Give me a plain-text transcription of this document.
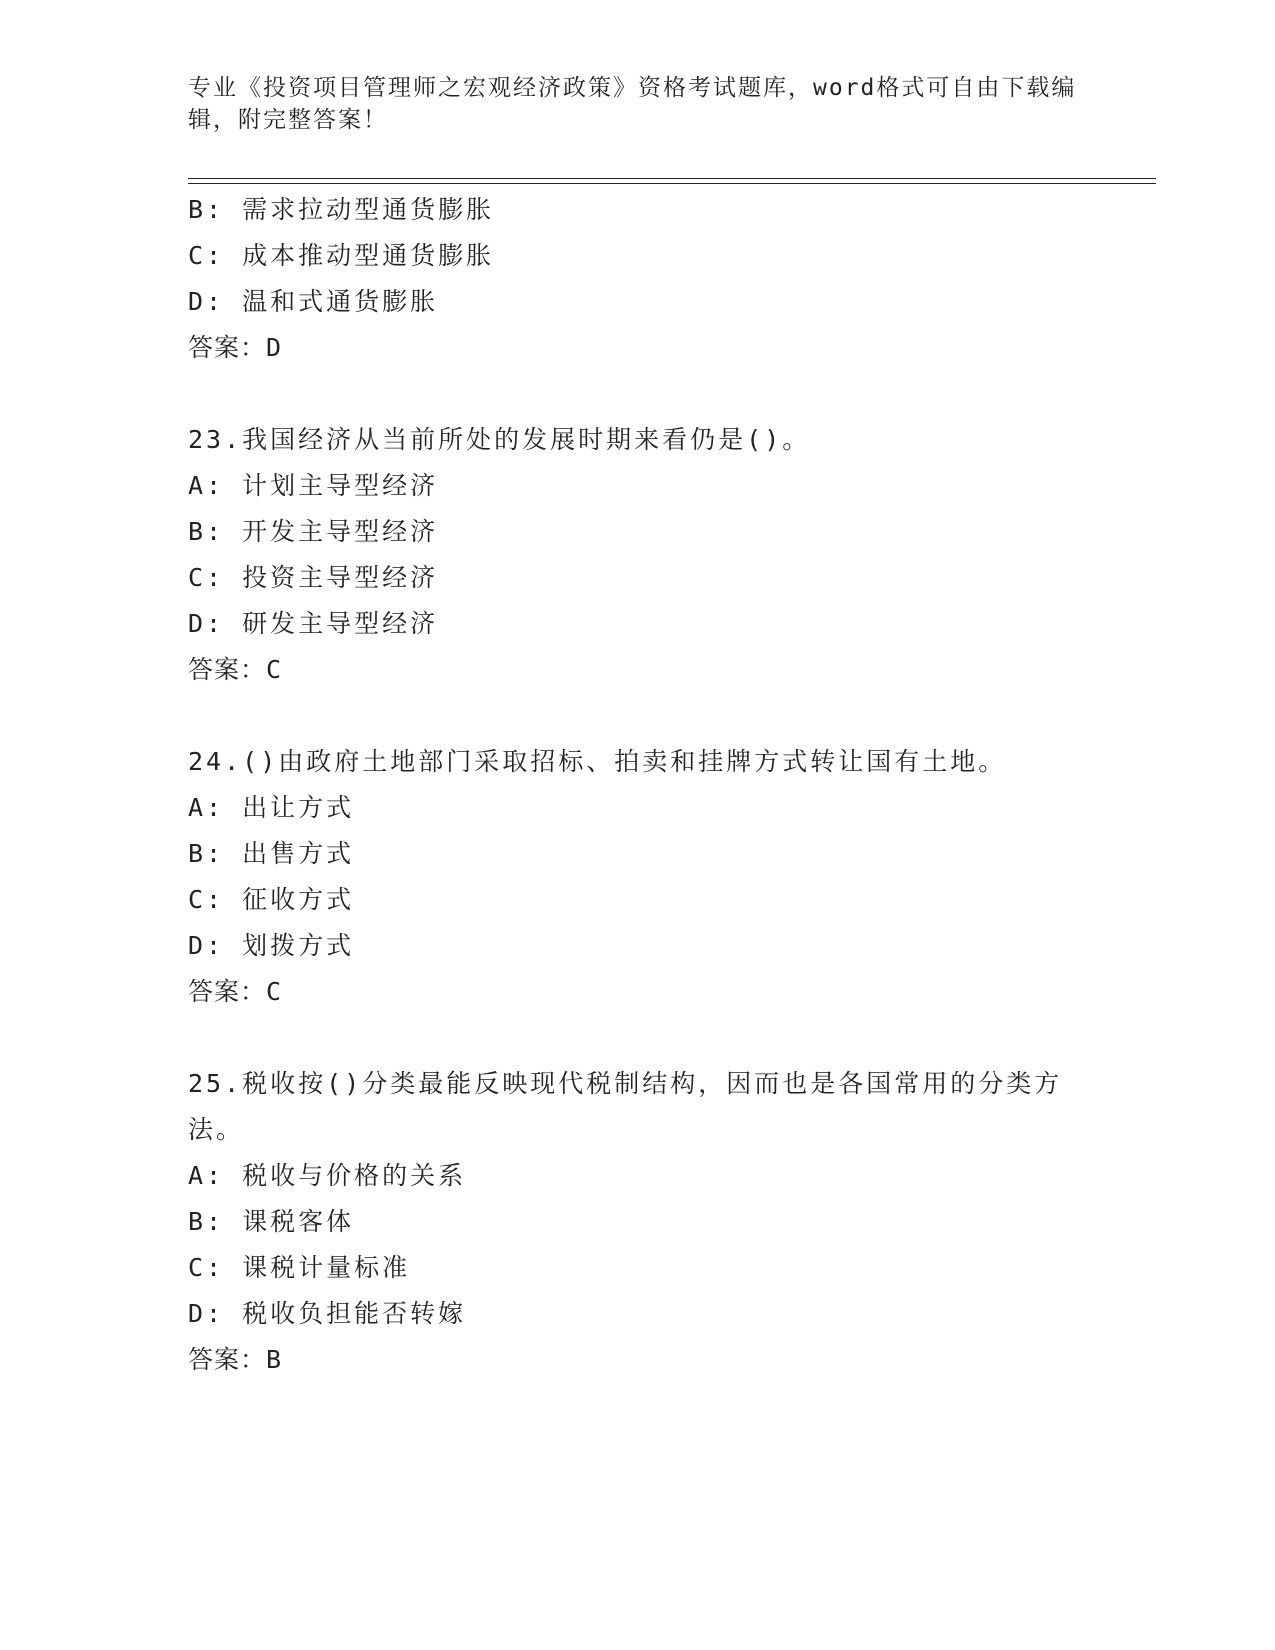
专业《投资项目管理师之宏观经济政策》资格考试题库，word格式可自由下载编
辑，附完整答案！
B: 需求拉动型通货膨胀
C: 成本推动型通货膨胀
D: 温和式通货膨胀
答案：D
23.我国经济从当前所处的发展时期来看仍是()。
A: 计划主导型经济
B: 开发主导型经济
C: 投资主导型经济
D: 研发主导型经济
答案：C
24.()由政府土地部门采取招标、拍卖和挂牌方式转让国有土地。
A: 出让方式
B: 出售方式
C: 征收方式
D: 划拨方式
答案：C
25.税收按()分类最能反映现代税制结构，因而也是各国常用的分类方
法。
A: 税收与价格的关系
B: 课税客体
C: 课税计量标准
D: 税收负担能否转嫁
答案：B
